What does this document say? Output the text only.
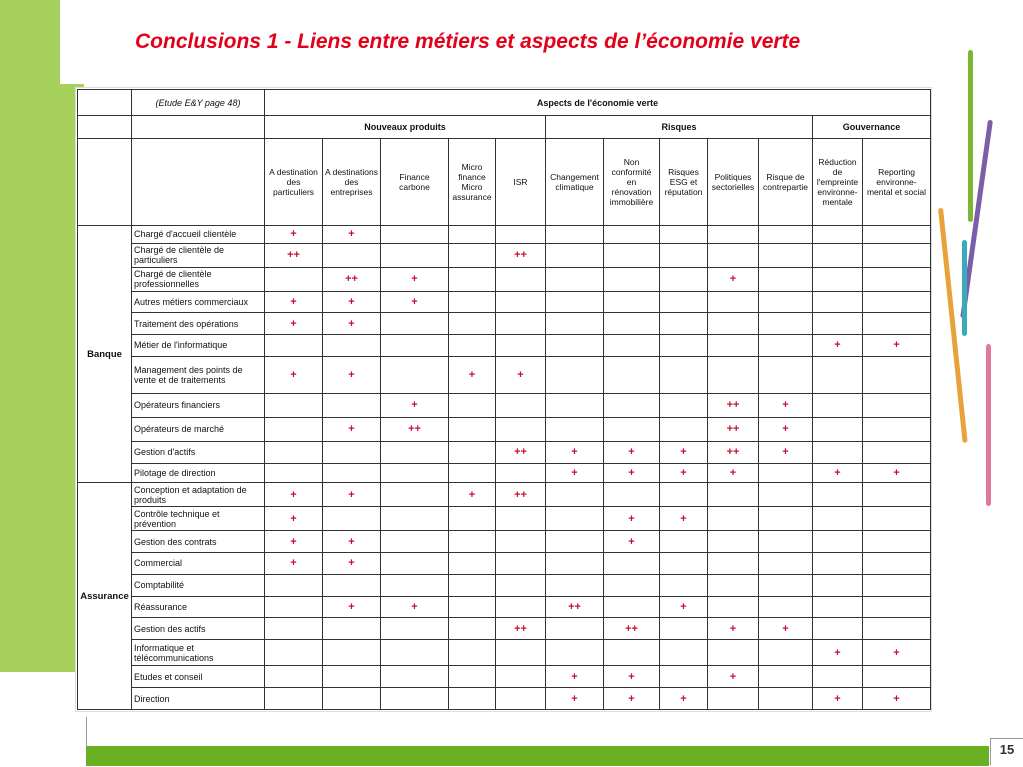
Conclusions 1 - Liens entre métiers et aspects de l’économie verte
	(Etude E&Y page 48)	Aspects de l'économie verte											
		Nouveaux produits					Risques					Gouvernance	
		A destination des particuliers	A destinations des entreprises	Finance carbone	Micro finance Micro assurance	ISR	Changement climatique	Non conformité en rénovation immobilière	Risques ESG et réputation	Politiques sectorielles	Risque de contrepartie	Réduction de l'empreinte environne-mentale	Reporting environne-mental et social
Banque	Chargé d'accueil clientèle	+	+										
	Chargé de clientèle de particuliers	++				++							
	Chargé de clientèle professionnelles		++	+						+			
	Autres métiers commerciaux	+	+	+									
	Traitement des opérations	+	+										
	Métier de l'informatique											+	+
	Management des points de vente et de traitements	+	+		+	+							
	Opérateurs financiers			+						++	+		
	Opérateurs de marché		+	++						++	+		
	Gestion d'actifs					++	+	+	+	++	+		
	Pilotage de direction						+	+	+	+		+	+
Assurance	Conception et adaptation de produits	+	+		+	++							
	Contrôle technique et prévention	+						+	+				
	Gestion des contrats	+	+					+					
	Commercial	+	+										
	Comptabilité												
	Réassurance		+	+			++		+				
	Gestion des actifs					++		++		+	+		
	Informatique et télécommunications											+	+
	Etudes et conseil						+	+		+			
	Direction						+	+	+			+	+
15
